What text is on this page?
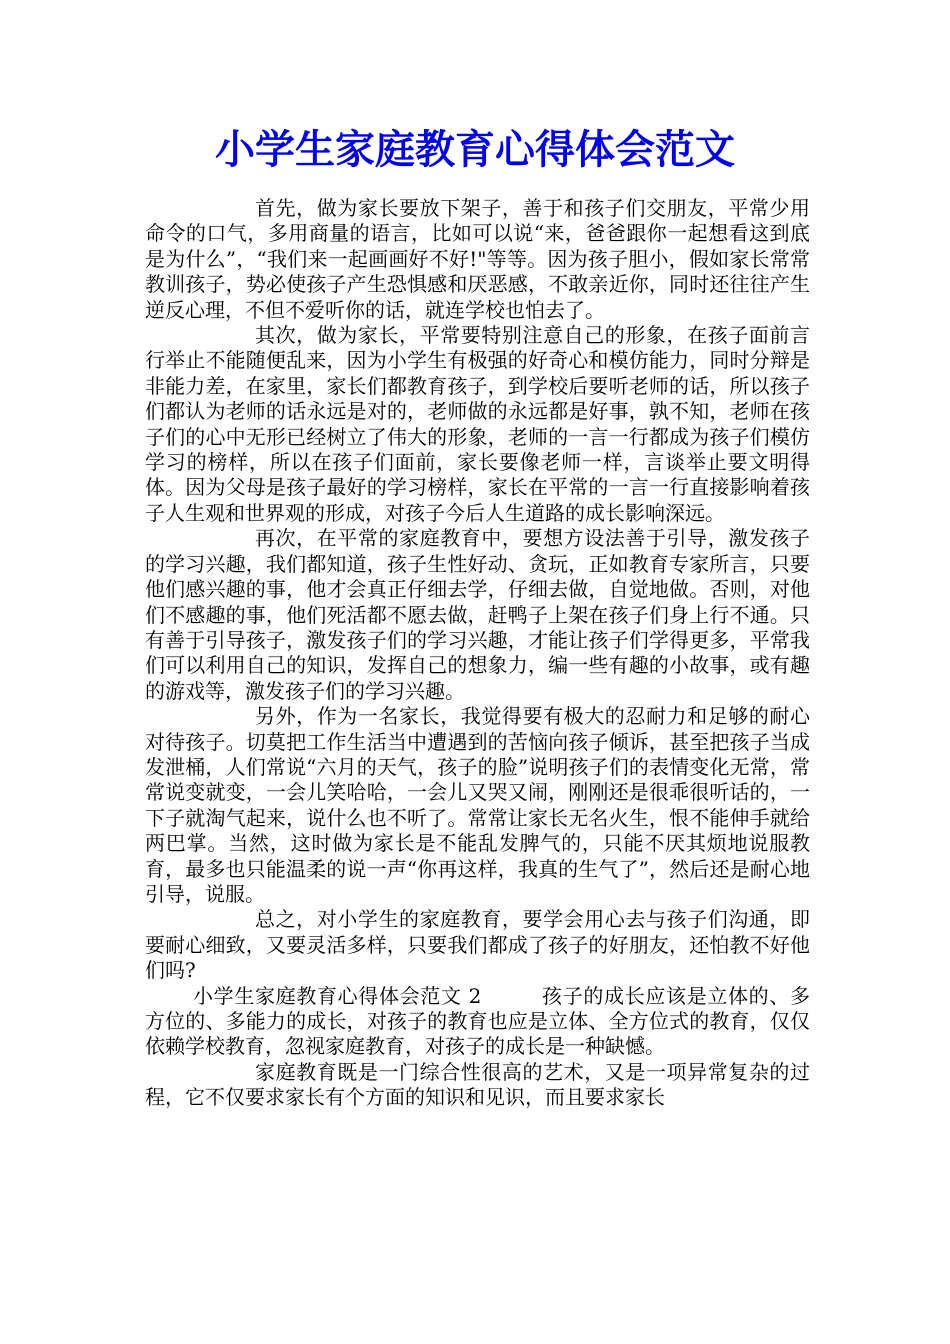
小学生家庭教育心得体会范文

首先，做为家长要放下架子，善于和孩子们交朋友，平常少用命令的口气，多用商量的语言，比如可以说“来，爸爸跟你一起想看这到底是为什么”，“我们来一起画画好不好!"等等。因为孩子胆小，假如家长常常教训孩子，势必使孩子产生恐惧感和厌恶感，不敢亲近你，同时还往往产生逆反心理，不但不爱听你的话，就连学校也怕去了。

其次，做为家长，平常要特别注意自己的形象，在孩子面前言行举止不能随便乱来，因为小学生有极强的好奇心和模仿能力，同时分辩是非能力差，在家里，家长们都教育孩子，到学校后要听老师的话，所以孩子们都认为老师的话永远是对的，老师做的永远都是好事，孰不知，老师在孩子们的心中无形已经树立了伟大的形象，老师的一言一行都成为孩子们模仿学习的榜样，所以在孩子们面前，家长要像老师一样，言谈举止要文明得体。因为父母是孩子最好的学习榜样，家长在平常的一言一行直接影响着孩子人生观和世界观的形成，对孩子今后人生道路的成长影响深远。

再次，在平常的家庭教育中，要想方设法善于引导，激发孩子的学习兴趣，我们都知道，孩子生性好动、贪玩，正如教育专家所言，只要他们感兴趣的事，他才会真正仔细去学，仔细去做，自觉地做。否则，对他们不感趣的事，他们死活都不愿去做，赶鸭子上架在孩子们身上行不通。只有善于引导孩子，激发孩子们的学习兴趣，才能让孩子们学得更多，平常我们可以利用自己的知识，发挥自己的想象力，编一些有趣的小故事，或有趣的游戏等，激发孩子们的学习兴趣。

另外，作为一名家长，我觉得要有极大的忍耐力和足够的耐心对待孩子。切莫把工作生活当中遭遇到的苦恼向孩子倾诉，甚至把孩子当成发泄桶，人们常说“六月的天气，孩子的脸”说明孩子们的表情变化无常，常常说变就变，一会儿笑哈哈，一会儿又哭又闹，刚刚还是很乖很听话的，一下子就淘气起来，说什么也不听了。常常让家长无名火生，恨不能伸手就给两巴掌。当然，这时做为家长是不能乱发脾气的，只能不厌其烦地说服教育，最多也只能温柔的说一声“你再这样，我真的生气了”，然后还是耐心地引导，说服。

总之，对小学生的家庭教育，要学会用心去与孩子们沟通，即要耐心细致，又要灵活多样，只要我们都成了孩子的好朋友，还怕教不好他们吗?

小学生家庭教育心得体会范文 2	孩子的成长应该是立体的、多方位的、多能力的成长，对孩子的教育也应是立体、全方位式的教育，仅仅依赖学校教育，忽视家庭教育，对孩子的成长是一种缺憾。

家庭教育既是一门综合性很高的艺术，又是一项异常复杂的过程，它不仅要求家长有个方面的知识和见识，而且要求家长
